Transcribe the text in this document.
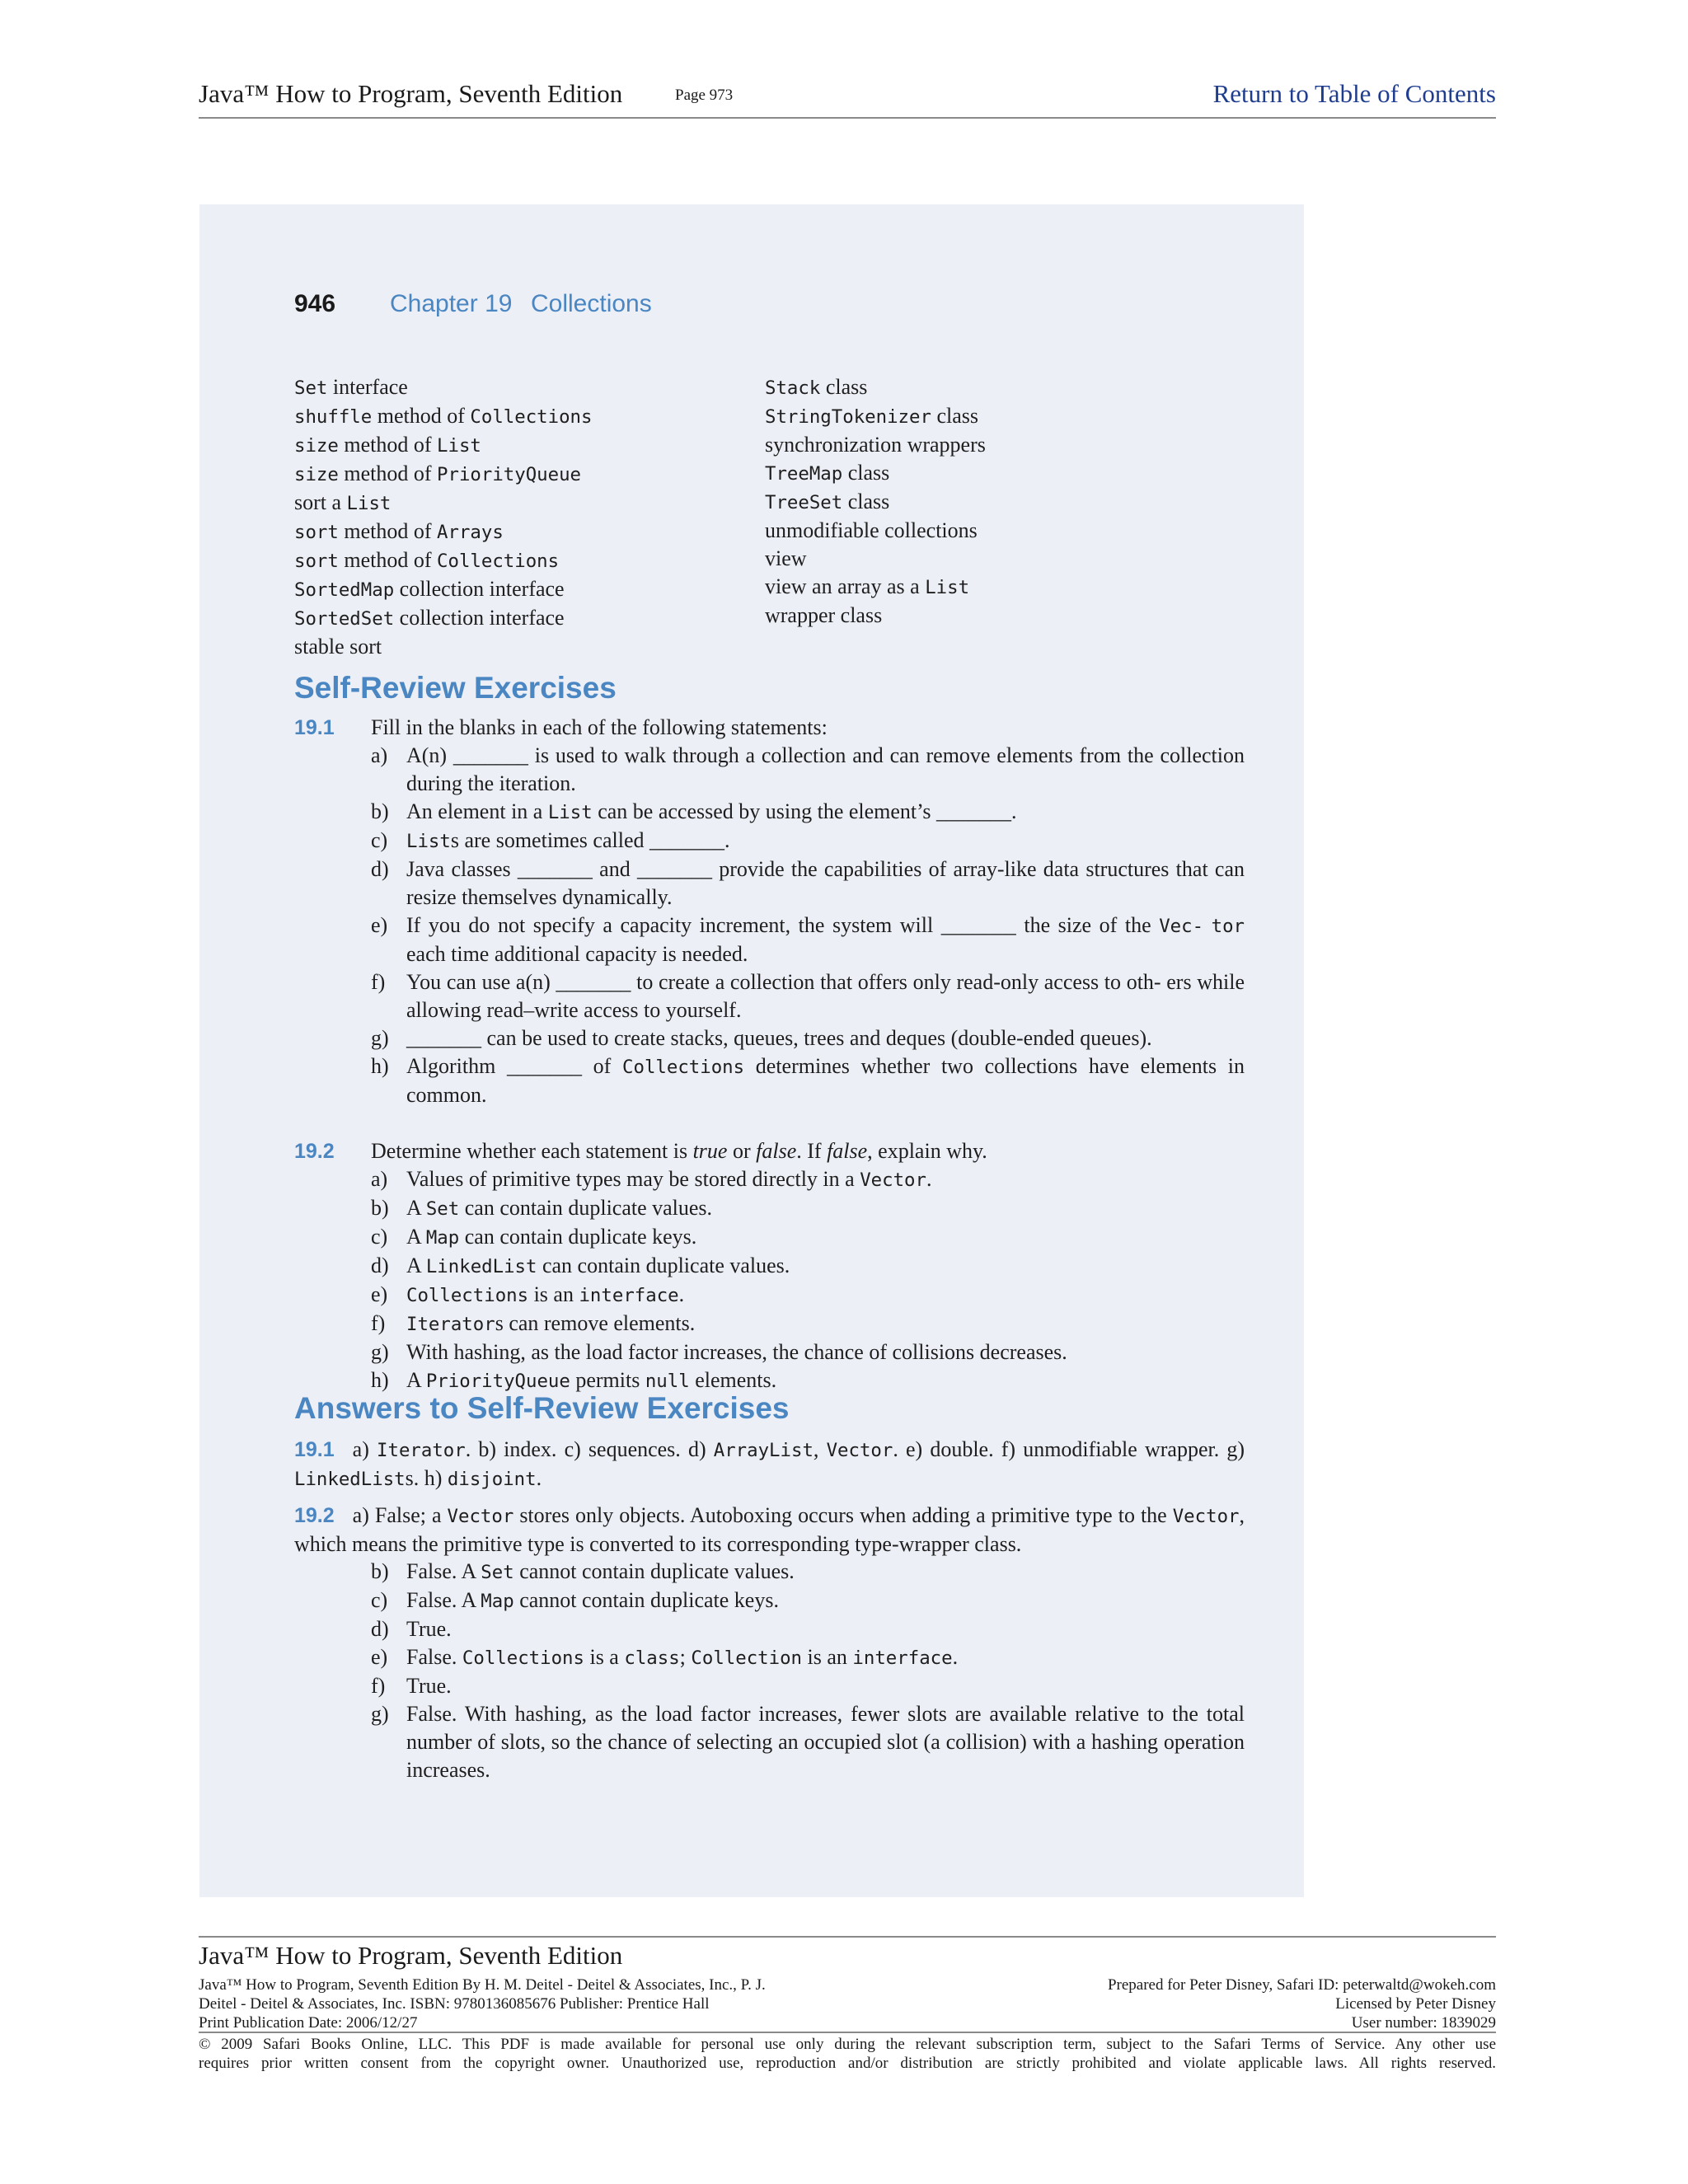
Java™ How to Program, Seventh Edition	Page 973	Return to Table of Contents
946 Chapter 19 Collections
Set interface
shuffle method of Collections
size method of List
size method of PriorityQueue
sort a List
sort method of Arrays
sort method of Collections
SortedMap collection interface
SortedSet collection interface
stable sort
Stack class
StringTokenizer class
synchronization wrappers
TreeMap class
TreeSet class
unmodifiable collections
view
view an array as a List
wrapper class
Self-Review Exercises
19.1 Fill in the blanks in each of the following statements:
a) A(n) _______ is used to walk through a collection and can remove elements from the collection during the iteration.
b) An element in a List can be accessed by using the element’s _______.
c) Lists are sometimes called _______.
d) Java classes _______ and _______ provide the capabilities of array-like data structures that can resize themselves dynamically.
e) If you do not specify a capacity increment, the system will _______ the size of the Vec- tor each time additional capacity is needed.
f) You can use a(n) _______ to create a collection that offers only read-only access to oth- ers while allowing read–write access to yourself.
g) _______ can be used to create stacks, queues, trees and deques (double-ended queues).
h) Algorithm _______ of Collections determines whether two collections have elements in common.
19.2 Determine whether each statement is true or false. If false, explain why.
a) Values of primitive types may be stored directly in a Vector.
b) A Set can contain duplicate values.
c) A Map can contain duplicate keys.
d) A LinkedList can contain duplicate values.
e) Collections is an interface.
f) Iterators can remove elements.
g) With hashing, as the load factor increases, the chance of collisions decreases.
h) A PriorityQueue permits null elements.
Answers to Self-Review Exercises
19.1 a) Iterator. b) index. c) sequences. d) ArrayList, Vector. e) double. f) unmodifiable wrapper. g) LinkedLists. h) disjoint.
19.2 a) False; a Vector stores only objects. Autoboxing occurs when adding a primitive type to the Vector, which means the primitive type is converted to its corresponding type-wrapper class.
b) False. A Set cannot contain duplicate values.
c) False. A Map cannot contain duplicate keys.
d) True.
e) False. Collections is a class; Collection is an interface.
f) True.
g) False. With hashing, as the load factor increases, fewer slots are available relative to the total number of slots, so the chance of selecting an occupied slot (a collision) with a hashing operation increases.
Java™ How to Program, Seventh Edition
Java™ How to Program, Seventh Edition By H. M. Deitel - Deitel & Associates, Inc., P. J.
Deitel - Deitel & Associates, Inc. ISBN: 9780136085676 Publisher: Prentice Hall
Print Publication Date: 2006/12/27
Prepared for Peter Disney, Safari ID: peterwaltd@wokeh.com
Licensed by Peter Disney
User number: 1839029
© 2009 Safari Books Online, LLC. This PDF is made available for personal use only during the relevant subscription term, subject to the Safari Terms of Service. Any other use
requires prior written consent from the copyright owner. Unauthorized use, reproduction and/or distribution are strictly prohibited and violate applicable laws. All rights reserved.
